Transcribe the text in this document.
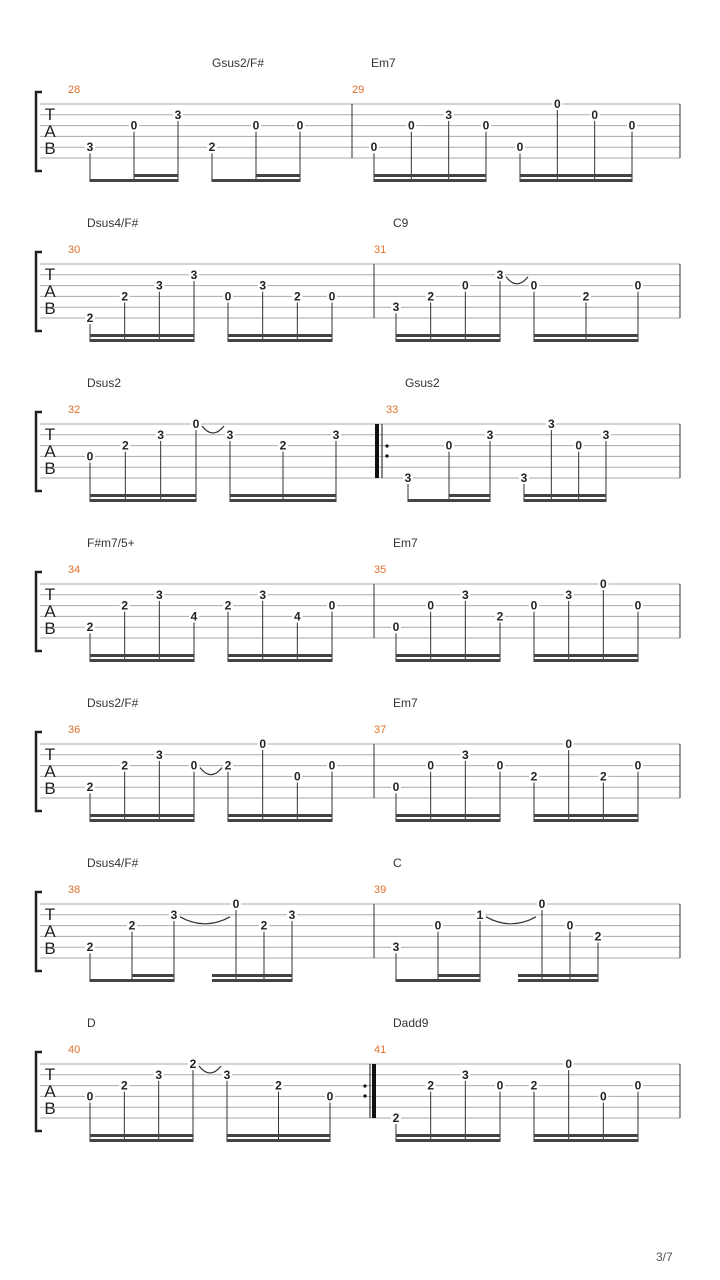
T
A
B
28
Gsus2/F#
3
0
3
2
0	0
29
Em7
0
0
3
0
0
0
0
0
T
A
B
30
Dsus4/F#
2
2
3
3
0
3
2 0
31
C9
3
2
0
3
0
2
0
T
A
B
32
Dsus2
0
2
3
0
3
2
3
33
Gsus2
3
0
3
3
3
0
3
T
A
B
34
F#m7/5+
2
2
3
4
2
3
4
0
35
Em7
0
0
3
2
0
3
0
0
T
A
B
36
Dsus2/F#
2
2
3
0 2
0
0
0
37
Em7
0
0
3
0
2
0
2
0
T
A
B
38
Dsus4/F#
2
2
3
0
2
3
39
C
3
0
1
0
0
2
T
A
B
40
D
0
2
3
2
3
2
0
41
Dadd9
2
2
3
0 2
0
0
0
3/7
